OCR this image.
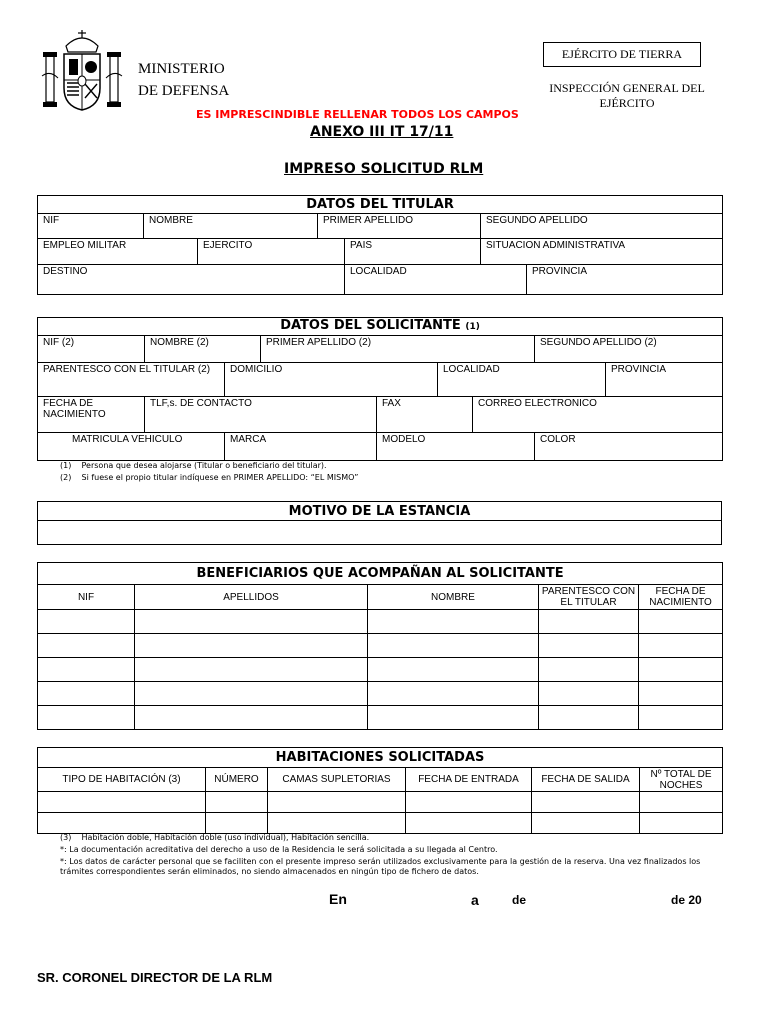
MINISTERIO
DE DEFENSA
EJÉRCITO DE TIERRA
INSPECCIÓN GENERAL DEL
EJÉRCITO
ES IMPRESCINDIBLE RELLENAR TODOS LOS CAMPOS
ANEXO III IT 17/11
IMPRESO SOLICITUD RLM
DATOS DEL TITULAR						
NIF	NOMBRE		PRIMER APELLIDO		SEGUNDO APELLIDO	
EMPLEO MILITAR		EJERCITO		PAIS	SITUACION ADMINISTRATIVA	
DESTINO				LOCALIDAD		PROVINCIA
DATOS DEL SOLICITANTE (1)								
NIF (2)	NOMBRE (2)		PRIMER APELLIDO (2)				SEGUNDO APELLIDO (2)	
PARENTESCO CON EL TITULAR (2)		DOMICILIO			LOCALIDAD			PROVINCIA
FECHA DE NACIMIENTO	TLF,s. DE CONTACTO			FAX		CORREO ELECTRONICO		
MATRICULA VEHICULO		MARCA		MODELO			COLOR	
(1) Persona que desea alojarse (Titular o beneficiario del titular).
(2) Si fuese el propio titular indíquese en PRIMER APELLIDO: “EL MISMO”
MOTIVO DE LA ESTANCIA

BENEFICIARIOS QUE ACOMPAÑAN AL SOLICITANTE				
NIF	APELLIDOS	NOMBRE	PARENTESCO CON EL TITULAR	FECHA DE NACIMIENTO

HABITACIONES SOLICITADAS					
TIPO DE HABITACIÓN (3)	NÚMERO	CAMAS SUPLETORIAS	FECHA DE ENTRADA	FECHA DE SALIDA	Nº TOTAL DE NOCHES

(3) Habitación doble, Habitación doble (uso individual), Habitación sencilla.
*: La documentación acreditativa del derecho a uso de la Residencia le será solicitada a su llegada al Centro.
*: Los datos de carácter personal que se faciliten con el presente impreso serán utilizados exclusivamente para la gestión de la reserva. Una vez finalizados los trámites correspondientes serán eliminados, no siendo almacenados en ningún tipo de fichero de datos.
En	a	de	de 20
SR. CORONEL DIRECTOR DE LA RLM
